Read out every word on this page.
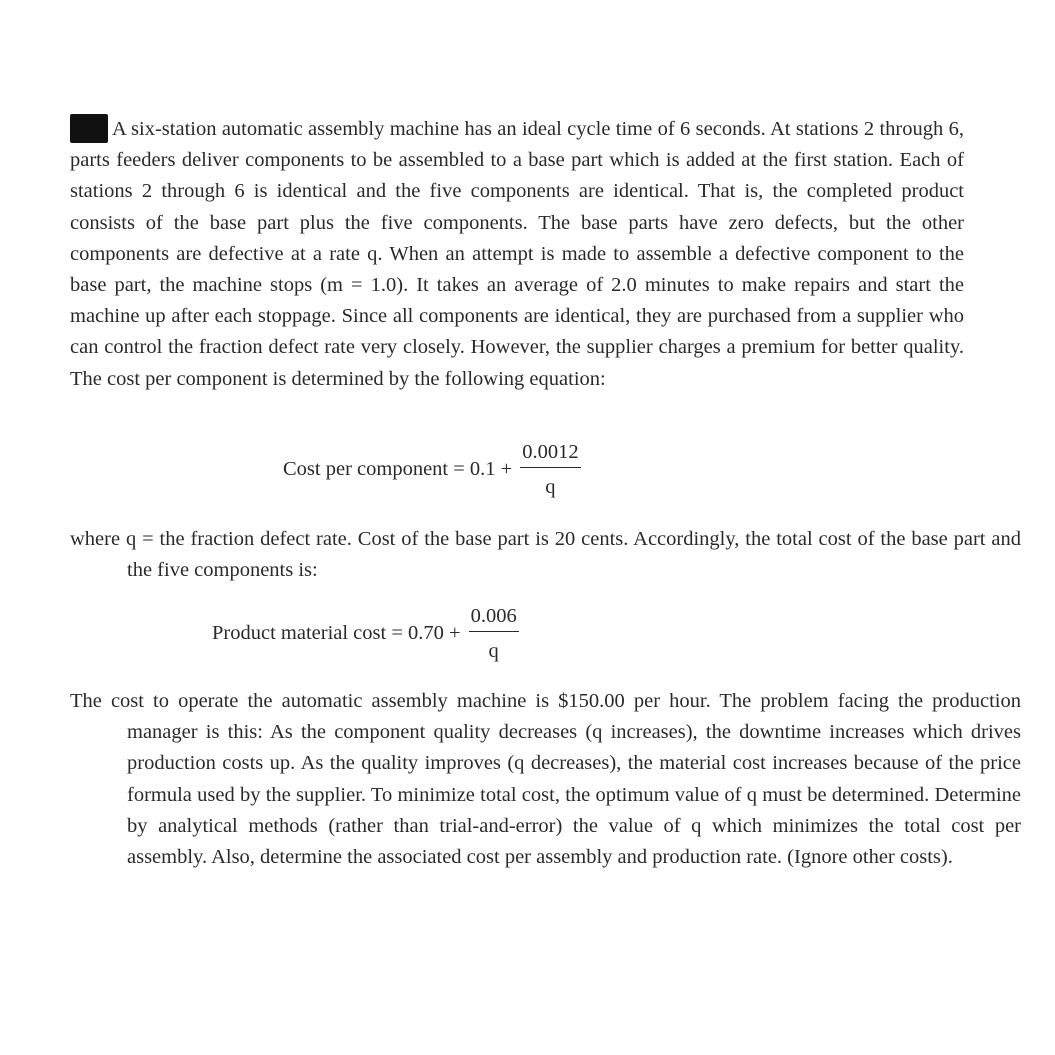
A six-station automatic assembly machine has an ideal cycle time of 6 seconds. At stations 2 through 6, parts feeders deliver components to be assembled to a base part which is added at the first station. Each of stations 2 through 6 is identical and the five components are identical. That is, the completed product consists of the base part plus the five components. The base parts have zero defects, but the other components are defective at a rate q. When an attempt is made to assemble a defective component to the base part, the machine stops (m = 1.0). It takes an average of 2.0 minutes to make repairs and start the machine up after each stoppage. Since all components are identical, they are purchased from a supplier who can control the fraction defect rate very closely. However, the supplier charges a premium for better quality. The cost per component is determined by the following equation:

Cost per component = $0.1 + \frac{0.0012}{q}$

where q = the fraction defect rate. Cost of the base part is 20 cents. Accordingly, the total cost of the base part and the five components is:

Product material $\cos t = 0.70 + \frac{0.006}{q}$

The cost to operate the automatic assembly machine is $150.00 per hour. The problem facing the production manager is this: As the component quality decreases (q increases), the downtime increases which drives production costs up. As the quality improves (q decreases), the material cost increases because of the price formula used by the supplier. To minimize total cost, the optimum value of q must be determined. Determine by analytical methods (rather than trial-and-error) the value of q which minimizes the total cost per assembly. Also, determine the associated cost per assembly and production rate. (Ignore other costs).
